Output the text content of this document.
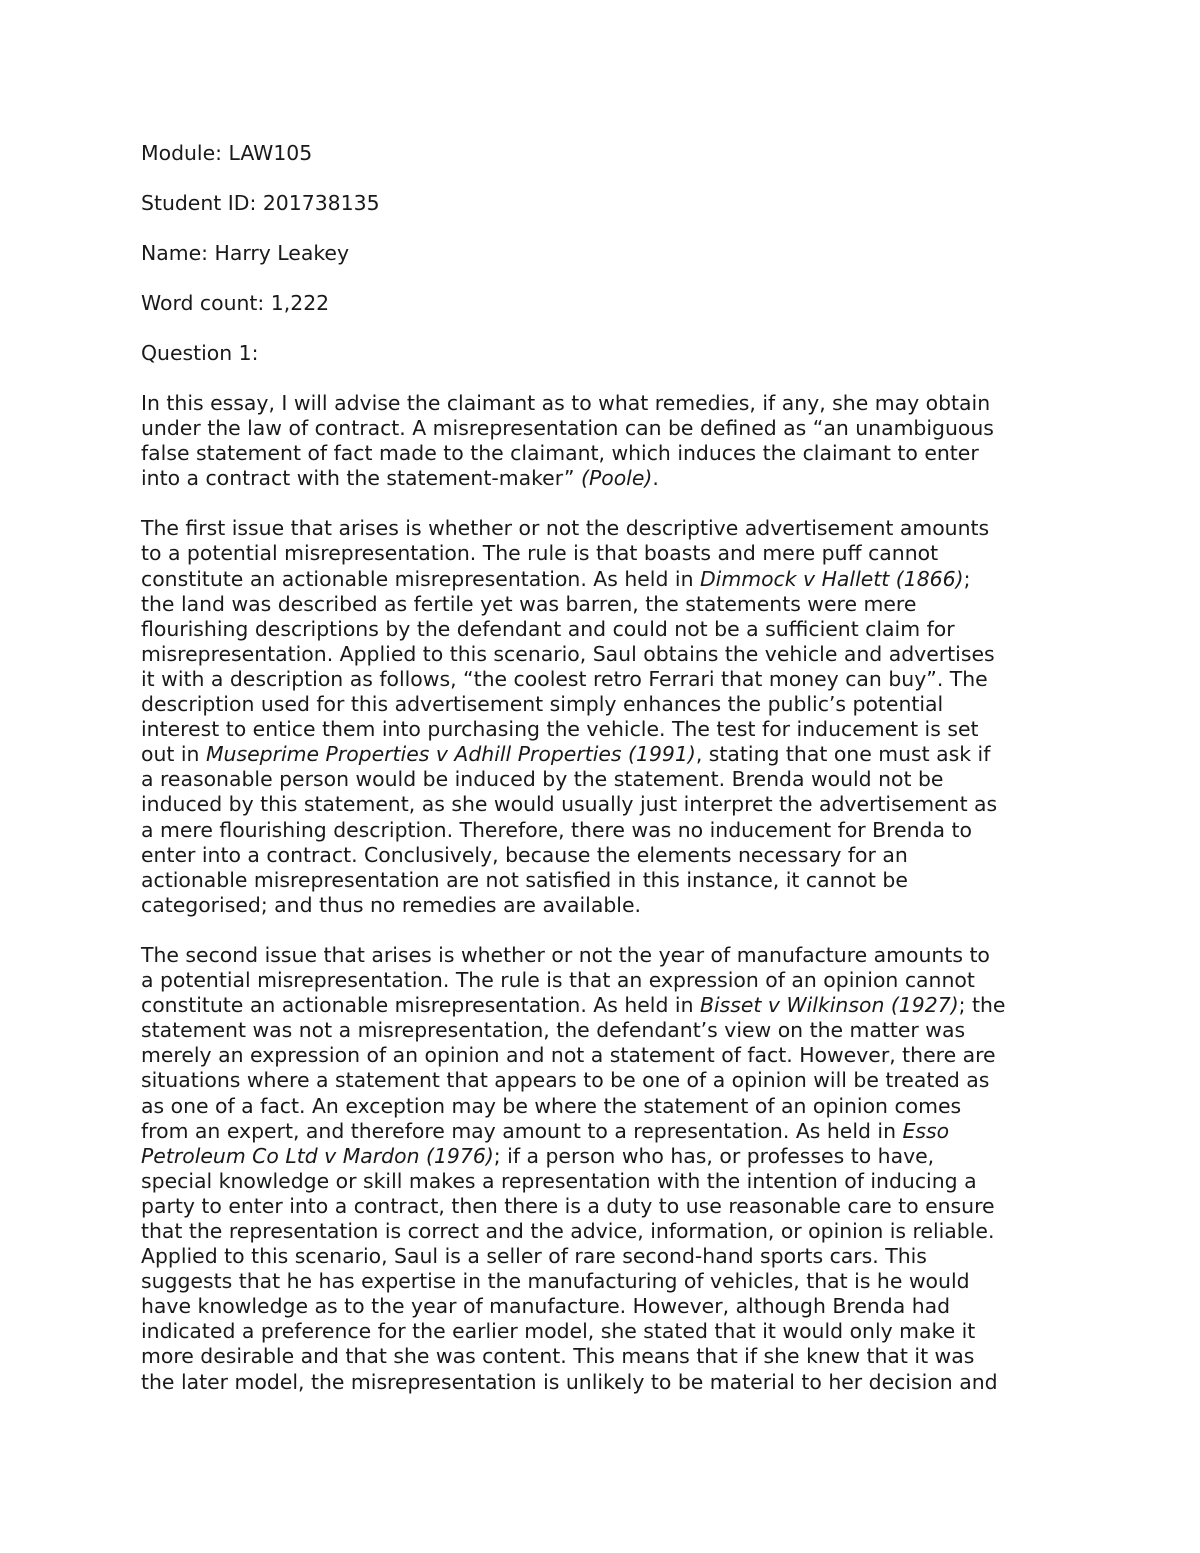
Module: LAW105
Student ID: 201738135
Name: Harry Leakey
Word count: 1,222
Question 1:
In this essay, I will advise the claimant as to what remedies, if any, she may obtain
under the law of contract. A misrepresentation can be defined as “an unambiguous
false statement of fact made to the claimant, which induces the claimant to enter
into a contract with the statement-maker” (Poole).
The first issue that arises is whether or not the descriptive advertisement amounts
to a potential misrepresentation. The rule is that boasts and mere puff cannot
constitute an actionable misrepresentation. As held in Dimmock v Hallett (1866);
the land was described as fertile yet was barren, the statements were mere
flourishing descriptions by the defendant and could not be a sufficient claim for
misrepresentation. Applied to this scenario, Saul obtains the vehicle and advertises
it with a description as follows, “the coolest retro Ferrari that money can buy”. The
description used for this advertisement simply enhances the public’s potential
interest to entice them into purchasing the vehicle. The test for inducement is set
out in Museprime Properties v Adhill Properties (1991), stating that one must ask if
a reasonable person would be induced by the statement. Brenda would not be
induced by this statement, as she would usually just interpret the advertisement as
a mere flourishing description. Therefore, there was no inducement for Brenda to
enter into a contract. Conclusively, because the elements necessary for an
actionable misrepresentation are not satisfied in this instance, it cannot be
categorised; and thus no remedies are available.
The second issue that arises is whether or not the year of manufacture amounts to
a potential misrepresentation. The rule is that an expression of an opinion cannot
constitute an actionable misrepresentation. As held in Bisset v Wilkinson (1927); the
statement was not a misrepresentation, the defendant’s view on the matter was
merely an expression of an opinion and not a statement of fact. However, there are
situations where a statement that appears to be one of a opinion will be treated as
as one of a fact. An exception may be where the statement of an opinion comes
from an expert, and therefore may amount to a representation. As held in Esso
Petroleum Co Ltd v Mardon (1976); if a person who has, or professes to have,
special knowledge or skill makes a representation with the intention of inducing a
party to enter into a contract, then there is a duty to use reasonable care to ensure
that the representation is correct and the advice, information, or opinion is reliable.
Applied to this scenario, Saul is a seller of rare second-hand sports cars. This
suggests that he has expertise in the manufacturing of vehicles, that is he would
have knowledge as to the year of manufacture. However, although Brenda had
indicated a preference for the earlier model, she stated that it would only make it
more desirable and that she was content. This means that if she knew that it was
the later model, the misrepresentation is unlikely to be material to her decision and
